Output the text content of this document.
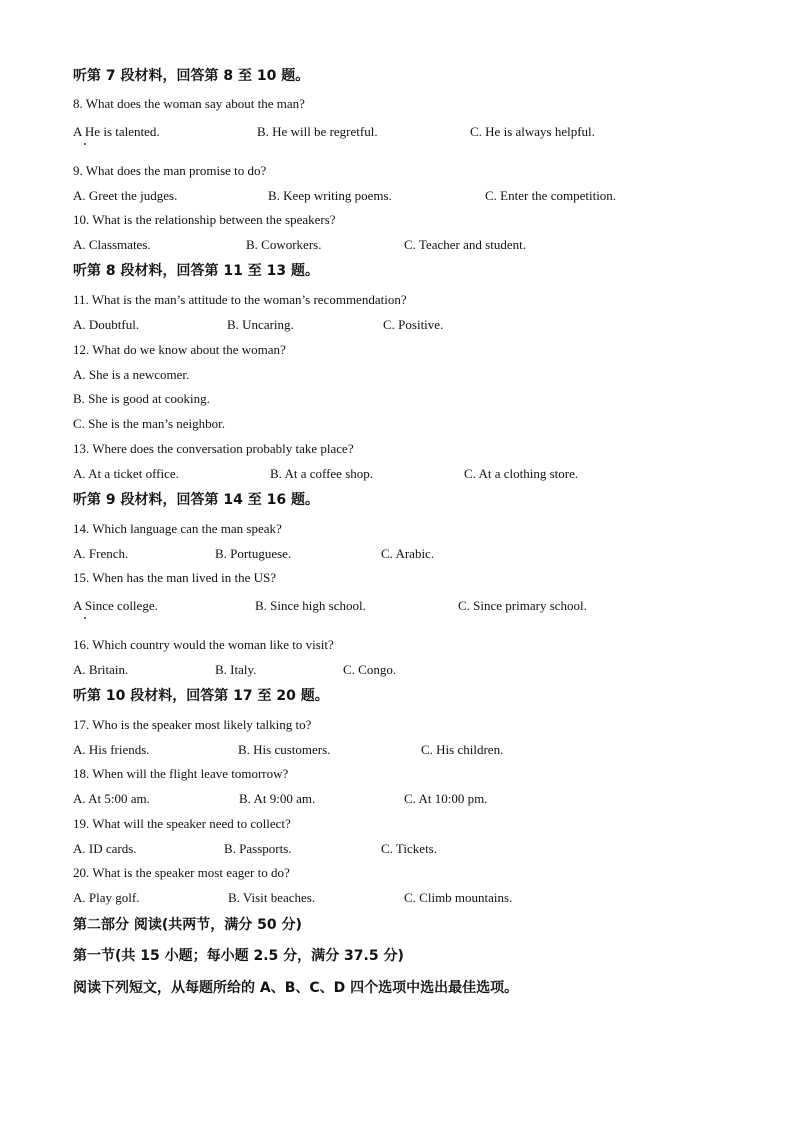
听第 7 段材料，回答第 8 至 10 题。
8. What does the woman say about the man?
A He is talented.	B. He will be regretful.	C. He is always helpful.
9. What does the man promise to do?
A. Greet the judges.	B. Keep writing poems.	C. Enter the competition.
10. What is the relationship between the speakers?
A. Classmates.	B. Coworkers.	C. Teacher and student.
听第 8 段材料，回答第 11 至 13 题。
11. What is the man’s attitude to the woman’s recommendation?
A. Doubtful.	B. Uncaring.	C. Positive.
12. What do we know about the woman?
A. She is a newcomer.
B. She is good at cooking.
C. She is the man’s neighbor.
13. Where does the conversation probably take place?
A. At a ticket office.	B. At a coffee shop.	C. At a clothing store.
听第 9 段材料，回答第 14 至 16 题。
14. Which language can the man speak?
A. French.	B. Portuguese.	C. Arabic.
15. When has the man lived in the US?
A Since college.	B. Since high school.	C. Since primary school.
16. Which country would the woman like to visit?
A. Britain.	B. Italy.	C. Congo.
听第 10 段材料，回答第 17 至 20 题。
17. Who is the speaker most likely talking to?
A. His friends.	B. His customers.	C. His children.
18. When will the flight leave tomorrow?
A. At 5:00 am.	B. At 9:00 am.	C. At 10:00 pm.
19. What will the speaker need to collect?
A. ID cards.	B. Passports.	C. Tickets.
20. What is the speaker most eager to do?
A. Play golf.	B. Visit beaches.	C. Climb mountains.
第二部分 阅读(共两节，满分 50 分)
第一节(共 15 小题；每小题 2.5 分，满分 37.5 分)
阅读下列短文，从每题所给的 A、B、C、D 四个选项中选出最佳选项。
